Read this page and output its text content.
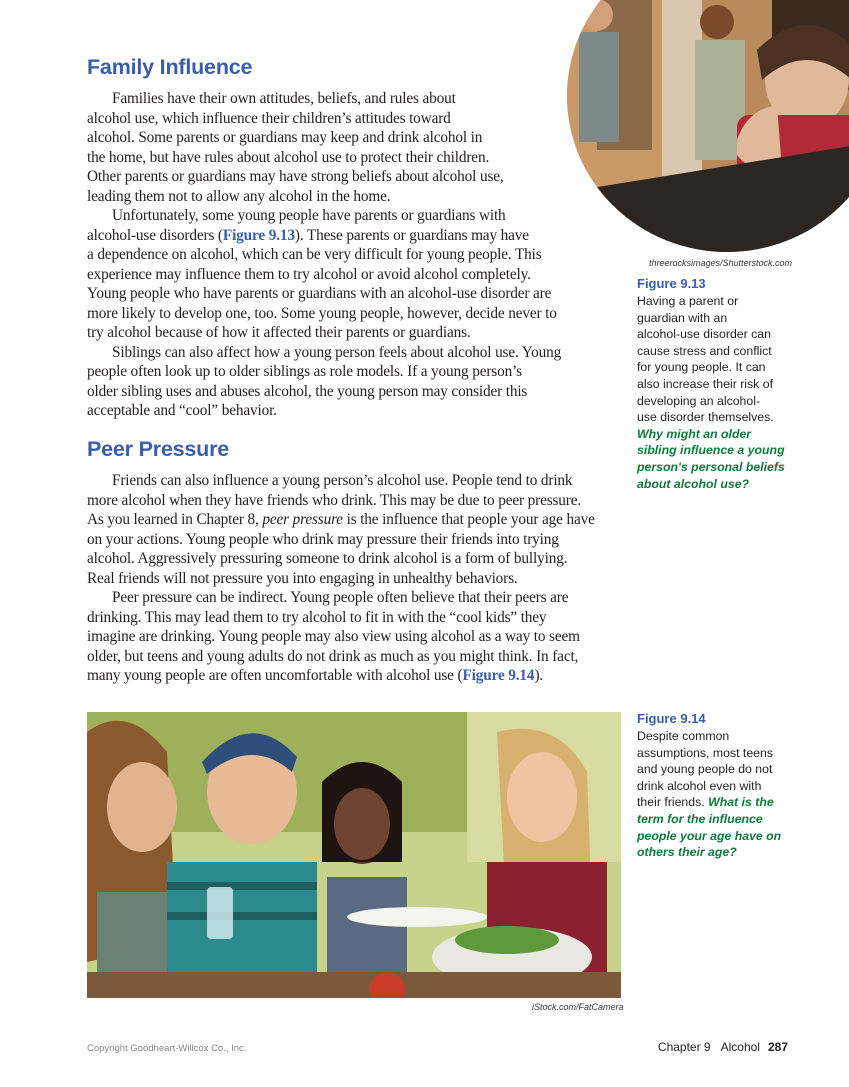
Family Influence
Families have their own attitudes, beliefs, and rules about
alcohol use, which influence their children’s attitudes toward
alcohol. Some parents or guardians may keep and drink alcohol in
the home, but have rules about alcohol use to protect their children.
Other parents or guardians may have strong beliefs about alcohol use,
leading them not to allow any alcohol in the home.
Unfortunately, some young people have parents or guardians with
alcohol-use disorders (Figure 9.13). These parents or guardians may have
a dependence on alcohol, which can be very difficult for young people. This
experience may influence them to try alcohol or avoid alcohol completely.
Young people who have parents or guardians with an alcohol-use disorder are
more likely to develop one, too. Some young people, however, decide never to
try alcohol because of how it affected their parents or guardians.
Siblings can also affect how a young person feels about alcohol use. Young
people often look up to older siblings as role models. If a young person’s
older sibling uses and abuses alcohol, the young person may consider this
acceptable and “cool” behavior.
Peer Pressure
Friends can also influence a young person’s alcohol use. People tend to drink
more alcohol when they have friends who drink. This may be due to peer pressure.
As you learned in Chapter 8, peer pressure is the influence that people your age have
on your actions. Young people who drink may pressure their friends into trying
alcohol. Aggressively pressuring someone to drink alcohol is a form of bullying.
Real friends will not pressure you into engaging in unhealthy behaviors.
Peer pressure can be indirect. Young people often believe that their peers are
drinking. This may lead them to try alcohol to fit in with the “cool kids” they
imagine are drinking. Young people may also view using alcohol as a way to seem
older, but teens and young adults do not drink as much as you might think. In fact,
many young people are often uncomfortable with alcohol use (Figure 9.14).
threerocksimages/Shutterstock.com
Figure 9.13
Having a parent or
guardian with an
alcohol-use disorder can
cause stress and conflict
for young people. It can
also increase their risk of
developing an alcohol-
use disorder themselves.
Why might an older
sibling influence a young
person's personal beliefs
about alcohol use?
iStock.com/FatCamera
Figure 9.14
Despite common
assumptions, most teens
and young people do not
drink alcohol even with
their friends. What is the
term for the influence
people your age have on
others their age?
Copyright Goodheart-Willcox Co., Inc.	Chapter 9 Alcohol 287
